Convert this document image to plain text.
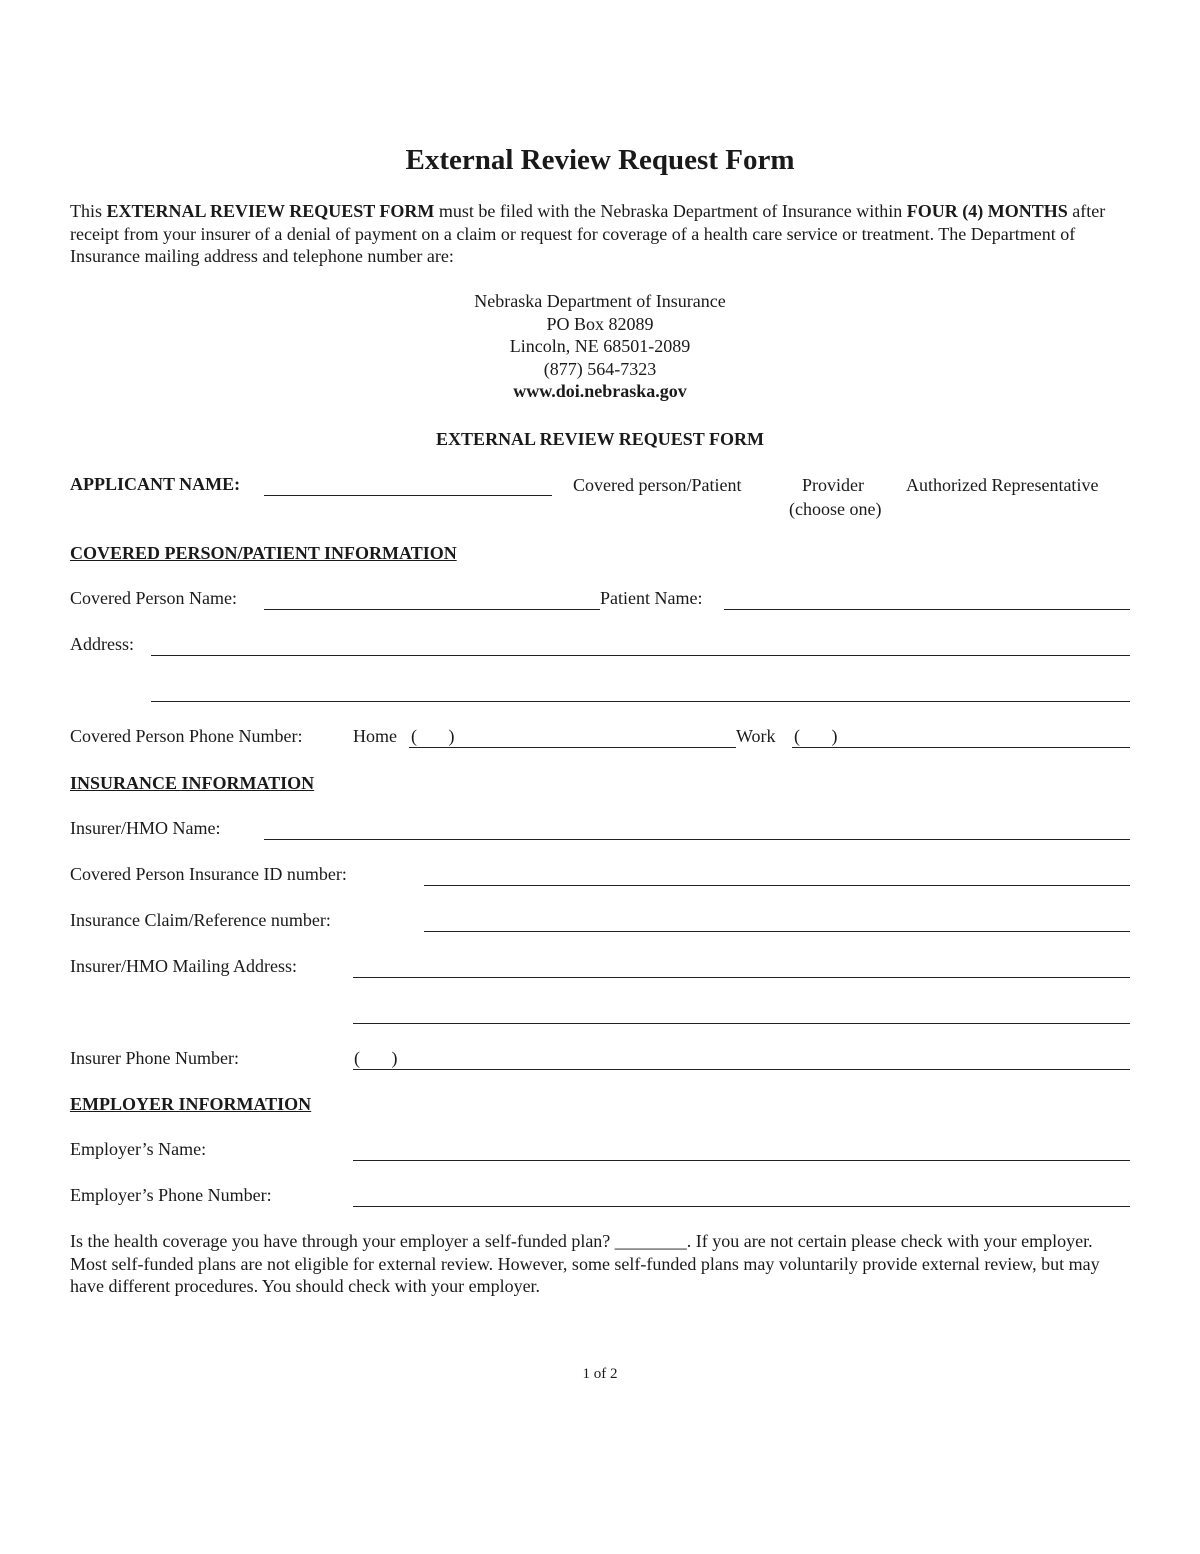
External Review Request Form
This EXTERNAL REVIEW REQUEST FORM must be filed with the Nebraska Department of Insurance within FOUR (4) MONTHS after receipt from your insurer of a denial of payment on a claim or request for coverage of a health care service or treatment. The Department of Insurance mailing address and telephone number are:
Nebraska Department of Insurance
PO Box 82089
Lincoln, NE 68501-2089
(877) 564-7323
www.doi.nebraska.gov
EXTERNAL REVIEW REQUEST FORM
APPLICANT NAME:	Covered person/Patient	Provider
(choose one)
Authorized Representative
COVERED PERSON/PATIENT INFORMATION
Covered Person Name:	Patient Name:
Address:
Covered Person Phone Number:	Home (       )	Work (       )
INSURANCE INFORMATION
Insurer/HMO Name:
Covered Person Insurance ID number:
Insurance Claim/Reference number:
Insurer/HMO Mailing Address:
Insurer Phone Number:	(       )
EMPLOYER INFORMATION
Employer’s Name:
Employer’s Phone Number:
Is the health coverage you have through your employer a self-funded plan? ________. If you are not certain please check with your employer. Most self-funded plans are not eligible for external review. However, some self-funded plans may voluntarily provide external review, but may have different procedures. You should check with your employer.
1 of 2
